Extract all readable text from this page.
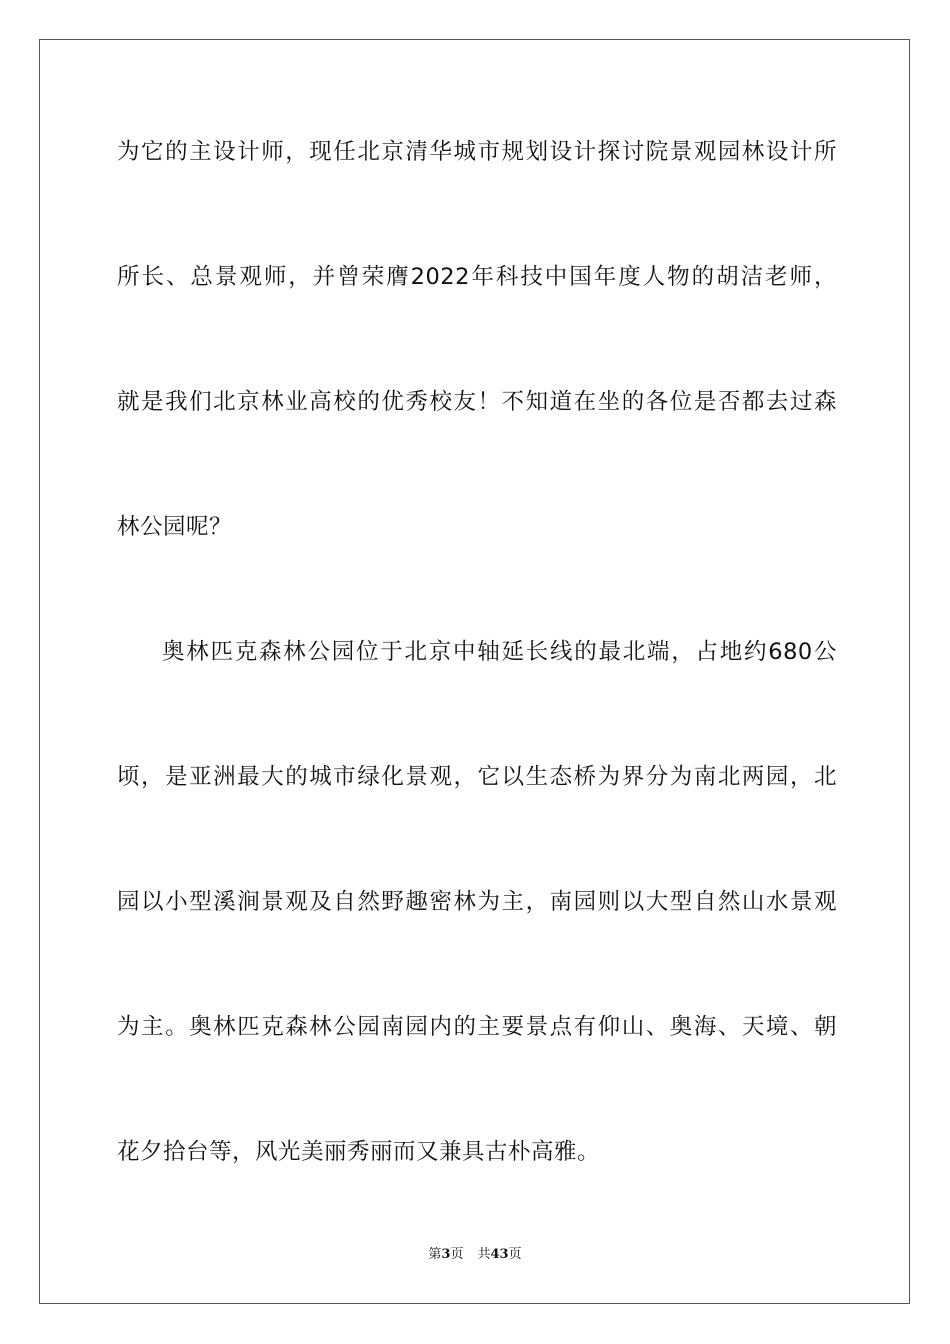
为它的主设计师，现任北京清华城市规划设计探讨院景观园林设计所
所长、总景观师，并曾荣膺2022年科技中国年度人物的胡洁老师，
就是我们北京林业高校的优秀校友！不知道在坐的各位是否都去过森
林公园呢？
奥林匹克森林公园位于北京中轴延长线的最北端，占地约680公
顷，是亚洲最大的城市绿化景观，它以生态桥为界分为南北两园，北
园以小型溪涧景观及自然野趣密林为主，南园则以大型自然山水景观
为主。奥林匹克森林公园南园内的主要景点有仰山、奥海、天境、朝
花夕拾台等，风光美丽秀丽而又兼具古朴高雅。
第3页 共43页
